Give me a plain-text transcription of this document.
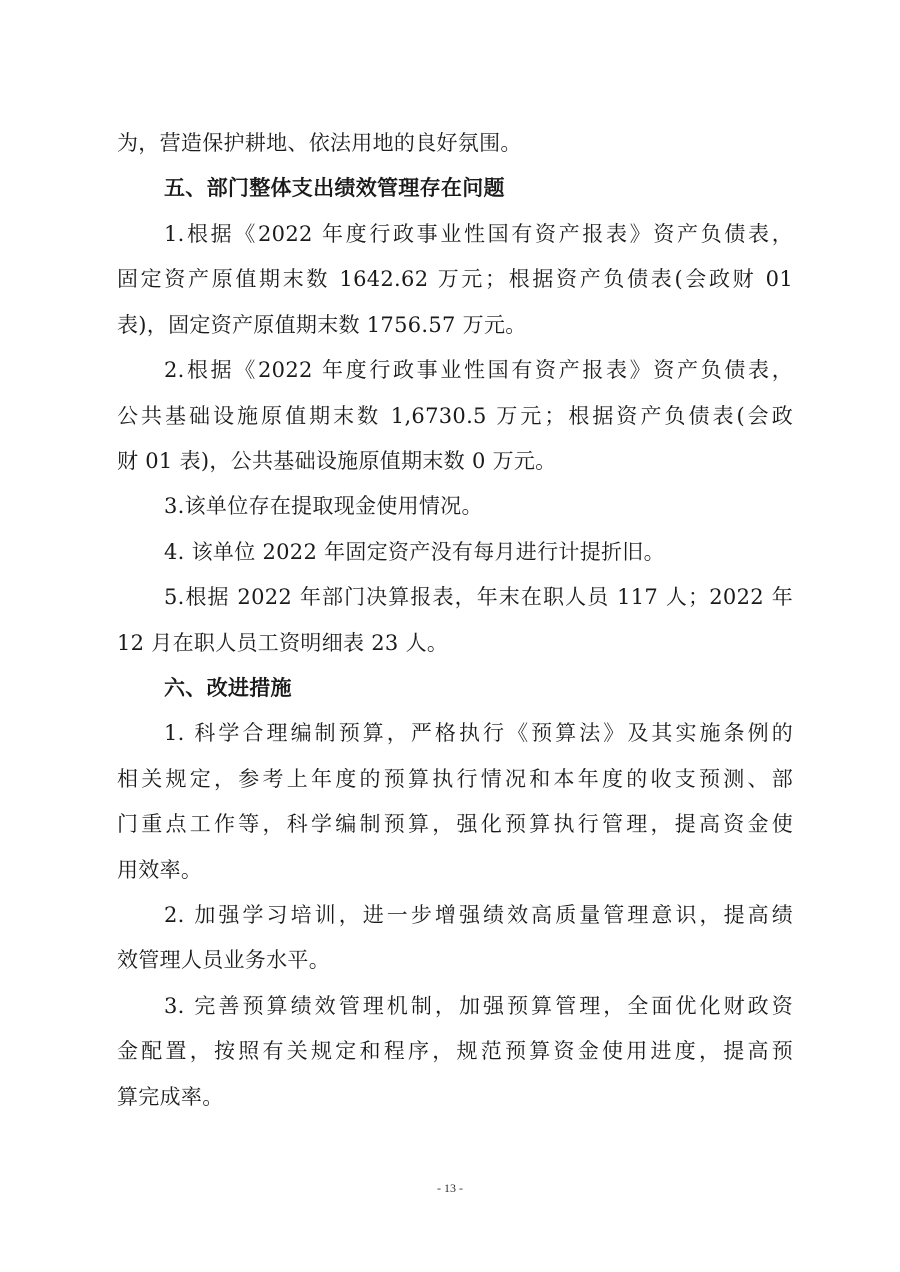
为，营造保护耕地、依法用地的良好氛围。

五、部门整体支出绩效管理存在问题

1.根据《2022 年度行政事业性国有资产报表》资产负债表，

固定资产原值期末数 1642.62 万元；根据资产负债表(会政财 01

表)，固定资产原值期末数 1756.57 万元。

2.根据《2022 年度行政事业性国有资产报表》资产负债表，

公共基础设施原值期末数 1,6730.5 万元；根据资产负债表(会政

财 01 表)，公共基础设施原值期末数 0 万元。

3.该单位存在提取现金使用情况。

4. 该单位 2022 年固定资产没有每月进行计提折旧。

5.根据 2022 年部门决算报表，年末在职人员 117 人；2022 年

12 月在职人员工资明细表 23 人。

六、改进措施

1. 科学合理编制预算，严格执行《预算法》及其实施条例的

相关规定，参考上年度的预算执行情况和本年度的收支预测、部

门重点工作等，科学编制预算，强化预算执行管理，提高资金使

用效率。

2. 加强学习培训，进一步增强绩效高质量管理意识，提高绩

效管理人员业务水平。

3. 完善预算绩效管理机制，加强预算管理，全面优化财政资

金配置，按照有关规定和程序，规范预算资金使用进度，提高预

算完成率。

- 13 -
